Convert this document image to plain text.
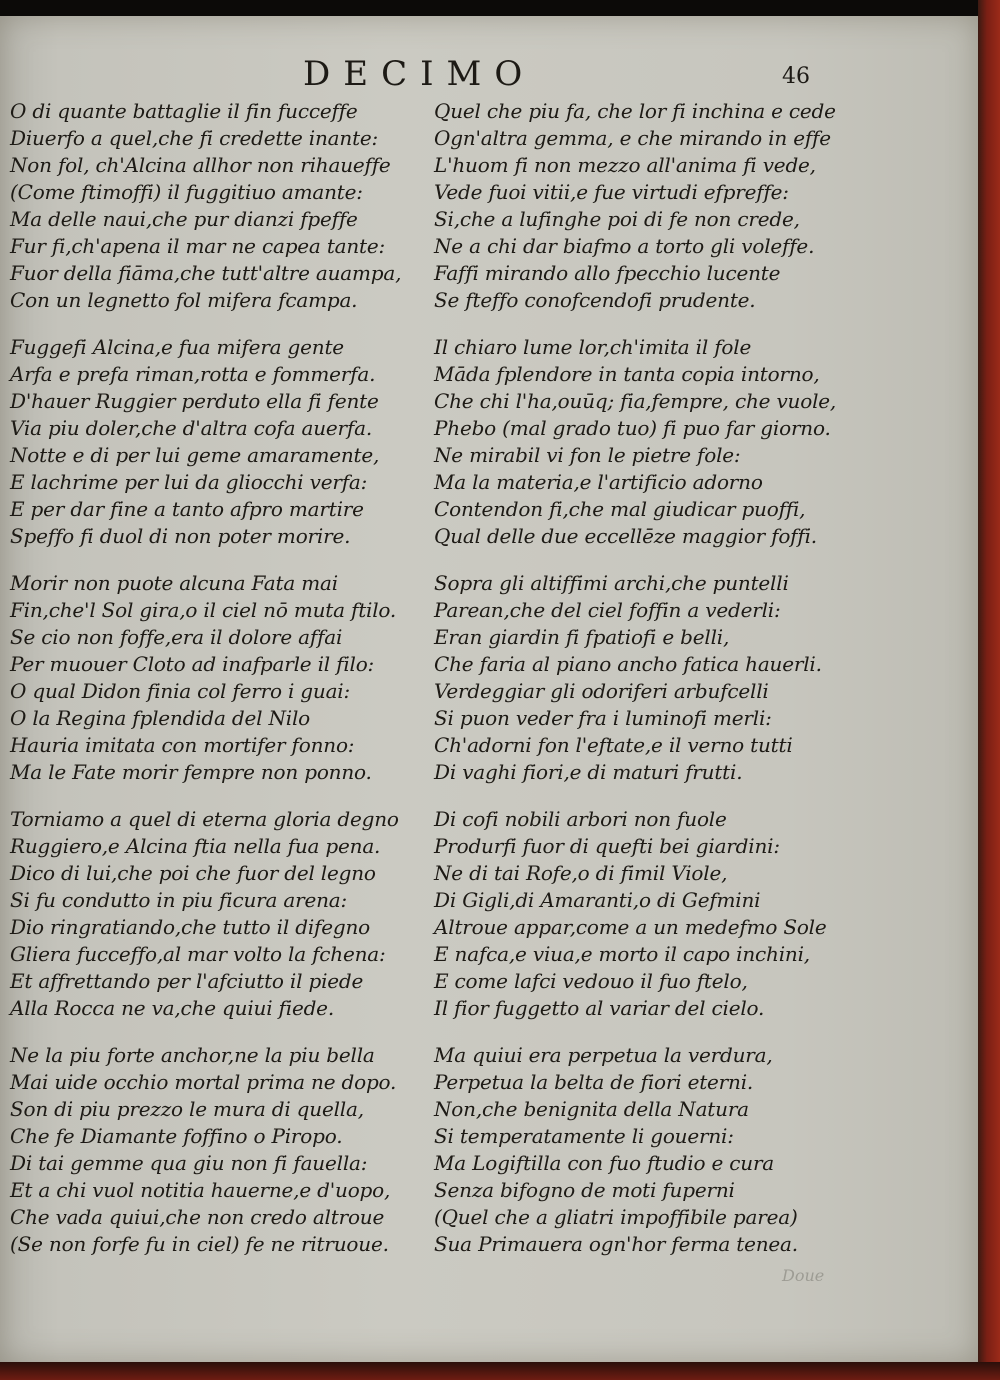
DECIMO	46
O di quante battaglie il fin fucceffe
Diuerfo a quel,che fi credette inante:
Non fol, ch'Alcina allhor non rihaueffe
(Come ftimoffi) il fuggitiuo amante:
Ma delle naui,che pur dianzi fpeffe
Fur fi,ch'apena il mar ne capea tante:
Fuor della fiāma,che tutt'altre auampa,
Con un legnetto fol mifera fcampa.
Fuggefi Alcina,e fua mifera gente
Arfa e prefa riman,rotta e fommerfa.
D'hauer Ruggier perduto ella fi fente
Via piu doler,che d'altra cofa auerfa.
Notte e di per lui geme amaramente,
E lachrime per lui da gliocchi verfa:
E per dar fine a tanto afpro martire
Speffo fi duol di non poter morire.
Morir non puote alcuna Fata mai
Fin,che'l Sol gira,o il ciel nō muta ftilo.
Se cio non foffe,era il dolore affai
Per muouer Cloto ad inafparle il filo:
O qual Didon finia col ferro i guai:
O la Regina fplendida del Nilo
Hauria imitata con mortifer fonno:
Ma le Fate morir fempre non ponno.
Torniamo a quel di eterna gloria degno
Ruggiero,e Alcina ftia nella fua pena.
Dico di lui,che poi che fuor del legno
Si fu condutto in piu ficura arena:
Dio ringratiando,che tutto il difegno
Gliera fucceffo,al mar volto la fchena:
Et affrettando per l'afciutto il piede
Alla Rocca ne va,che quiui fiede.
Ne la piu forte anchor,ne la piu bella
Mai uide occhio mortal prima ne dopo.
Son di piu prezzo le mura di quella,
Che fe Diamante foffino o Piropo.
Di tai gemme qua giu non fi fauella:
Et a chi vuol notitia hauerne,e d'uopo,
Che vada quiui,che non credo altroue
(Se non forfe fu in ciel) fe ne ritruoue.
Quel che piu fa, che lor fi inchina e cede
Ogn'altra gemma, e che mirando in effe
L'huom fi non mezzo all'anima fi vede,
Vede fuoi vitii,e fue virtudi efpreffe:
Si,che a lufinghe poi di fe non crede,
Ne a chi dar biafmo a torto gli voleffe.
Faffi mirando allo fpecchio lucente
Se fteffo conofcendofi prudente.
Il chiaro lume lor,ch'imita il fole
Māda fplendore in tanta copia intorno,
Che chi l'ha,ouūq; fia,fempre, che vuole,
Phebo (mal grado tuo) fi puo far giorno.
Ne mirabil vi fon le pietre fole:
Ma la materia,e l'artificio adorno
Contendon fi,che mal giudicar puoffi,
Qual delle due eccellēze maggior foffi.
Sopra gli altiffimi archi,che puntelli
Parean,che del ciel foffin a vederli:
Eran giardin fi fpatiofi e belli,
Che faria al piano ancho fatica hauerli.
Verdeggiar gli odoriferi arbufcelli
Si puon veder fra i luminofi merli:
Ch'adorni fon l'eftate,e il verno tutti
Di vaghi fiori,e di maturi frutti.
Di cofi nobili arbori non fuole
Produrfi fuor di quefti bei giardini:
Ne di tai Rofe,o di fimil Viole,
Di Gigli,di Amaranti,o di Gefmini
Altroue appar,come a un medefmo Sole
E nafca,e viua,e morto il capo inchini,
E come lafci vedouo il fuo ftelo,
Il fior fuggetto al variar del cielo.
Ma quiui era perpetua la verdura,
Perpetua la belta de fiori eterni.
Non,che benignita della Natura
Si temperatamente li gouerni:
Ma Logiftilla con fuo ftudio e cura
Senza bifogno de moti fuperni
(Quel che a gliatri impoffibile parea)
Sua Primauera ogn'hor ferma tenea.
Doue
